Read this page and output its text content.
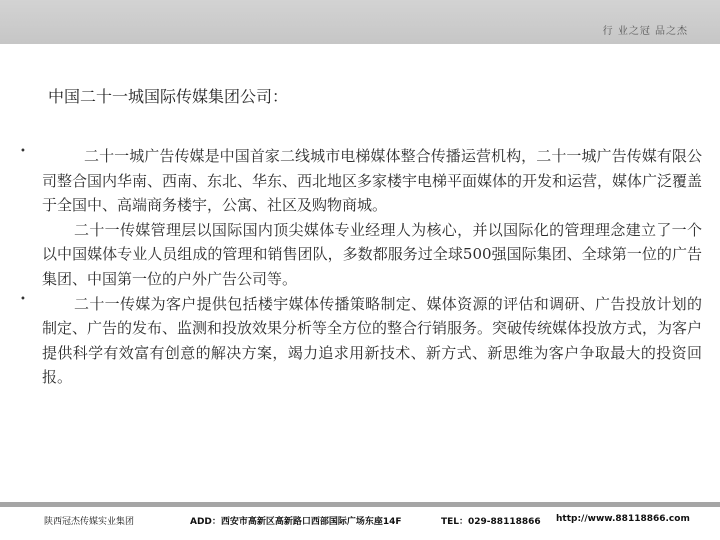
行 业之冠 品之杰
中国二十一城国际传媒集团公司：
•	二十一城广告传媒是中国首家二线城市电梯媒体整合传播运营机构，二十一城广告传媒有限公司整合国内华南、西南、东北、华东、西北地区多家楼宇电梯平面媒体的开发和运营，媒体广泛覆盖于全国中、高端商务楼宇，公寓、社区及购物商城。

二十一传媒管理层以国际国内顶尖媒体专业经理人为核心，并以国际化的管理理念建立了一个以中国媒体专业人员组成的管理和销售团队，多数都服务过全球500强国际集团、全球第一位的广告集团、中国第一位的户外广告公司等。

•	二十一传媒为客户提供包括楼宇媒体传播策略制定、媒体资源的评估和调研、广告投放计划的制定、广告的发布、监测和投放效果分析等全方位的整合行销服务。突破传统媒体投放方式，为客户提供科学有效富有创意的解决方案，竭力追求用新技术、新方式、新思维为客户争取最大的投资回报。

陕西冠杰传媒实业集团	ADD：西安市高新区高新路口西部国际广场东座14F	TEL：029-88118866 http://www.88118866.com
